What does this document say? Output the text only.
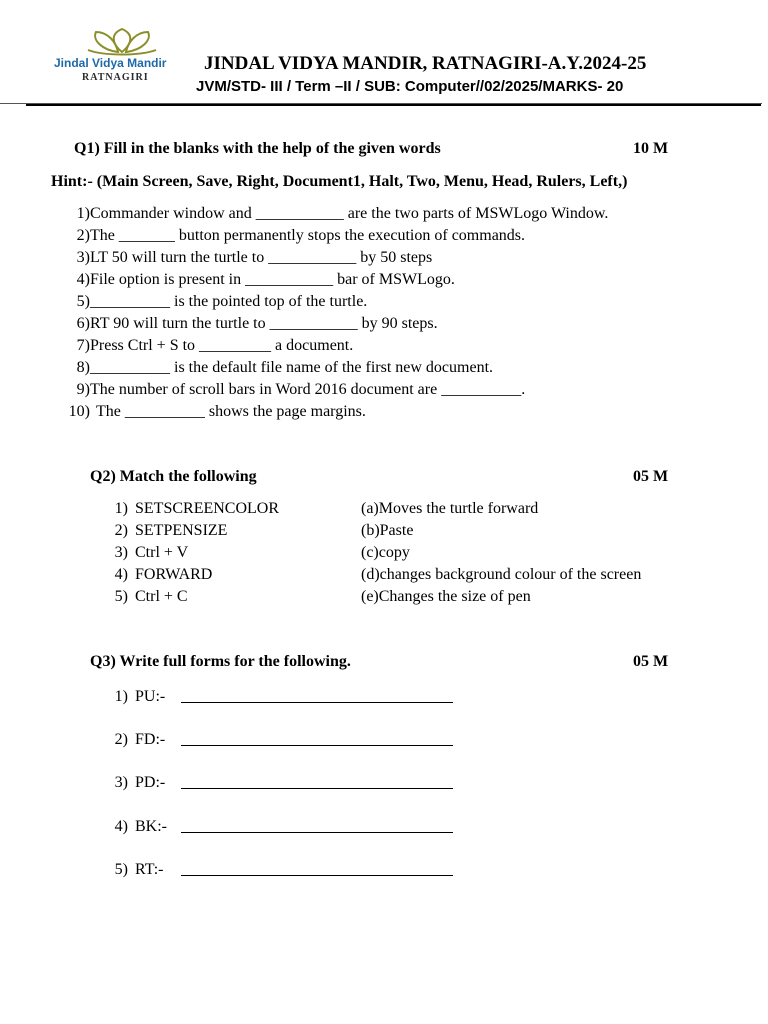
Jindal Vidya Mandir
RATNAGIRI
JINDAL VIDYA MANDIR, RATNAGIRI-A.Y.2024-25
JVM/STD- III / Term –II / SUB: Computer//02/2025/MARKS- 20
Q1) Fill in the blanks with the help of the given words	10 M
Hint:- (Main Screen, Save, Right, Document1, Halt, Two, Menu, Head, Rulers, Left,)
1)Commander window and ___________ are the two parts of MSWLogo Window.
2)The _______ button permanently stops the execution of commands.
3)LT 50 will turn the turtle to ___________ by 50 steps
4)File option is present in ___________ bar of MSWLogo.
5)__________ is the pointed top of the turtle.
6)RT 90 will turn the turtle to ___________ by 90 steps.
7)Press Ctrl + S to _________ a document.
8)__________ is the default file name of the first new document.
9)The number of scroll bars in Word 2016 document are __________.
10) The __________ shows the page margins.
Q2) Match the following	05 M
1) SETSCREENCOLOR	(a)Moves the turtle forward
2) SETPENSIZE	(b)Paste
3) Ctrl + V	(c)copy
4) FORWARD	(d)changes background colour of the screen
5) Ctrl + C	(e)Changes the size of pen
Q3) Write full forms for the following.	05 M
1) PU:-
2) FD:-
3) PD:-
4) BK:-
5) RT:-
